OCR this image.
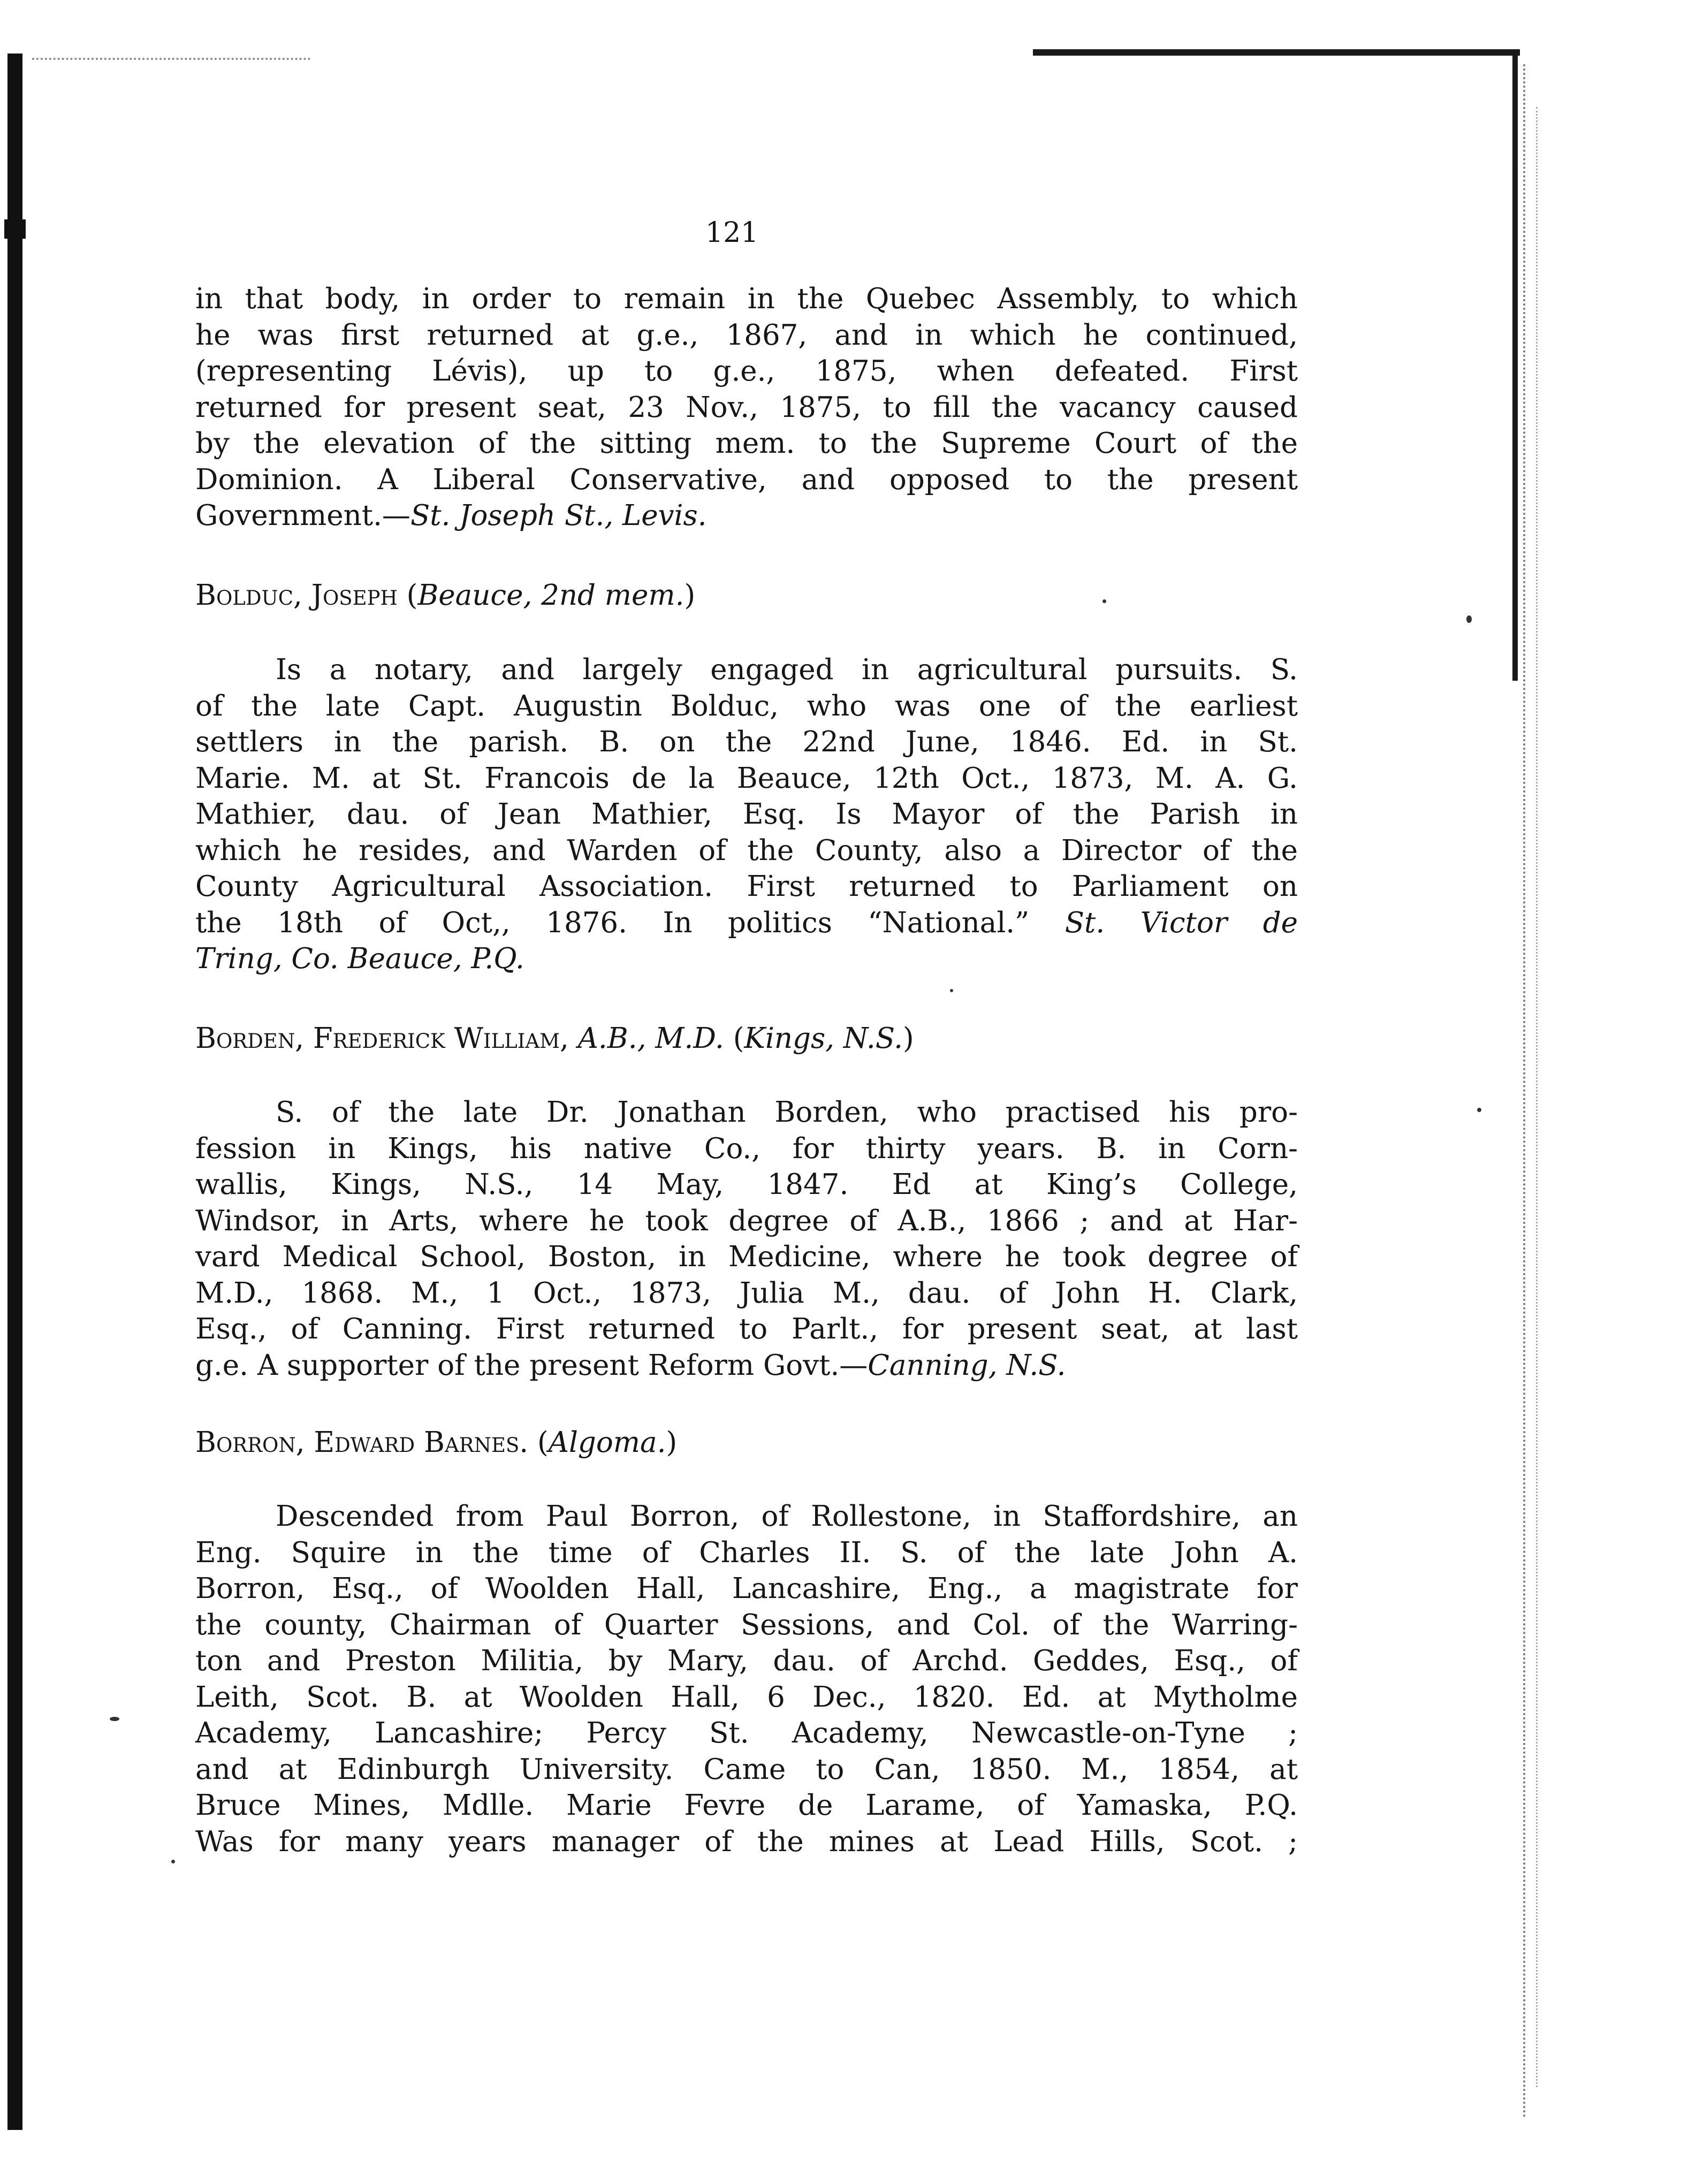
121
in that body, in order to remain in the Quebec Assembly, to which
he was first returned at g.e., 1867, and in which he continued,
(representing Lévis), up to g.e., 1875, when defeated. First
returned for present seat, 23 Nov., 1875, to fill the vacancy caused
by the elevation of the sitting mem. to the Supreme Court of the
Dominion. A Liberal Conservative, and opposed to the present
Government.—St. Joseph St., Levis.
Bolduc, Joseph (Beauce, 2nd mem.)
Is a notary, and largely engaged in agricultural pursuits. S.
of the late Capt. Augustin Bolduc, who was one of the earliest
settlers in the parish. B. on the 22nd June, 1846. Ed. in St.
Marie. M. at St. Francois de la Beauce, 12th Oct., 1873, M. A. G.
Mathier, dau. of Jean Mathier, Esq. Is Mayor of the Parish in
which he resides, and Warden of the County, also a Director of the
County Agricultural Association. First returned to Parliament on
the 18th of Oct,, 1876. In politics “National.” St. Victor de
Tring, Co. Beauce, P.Q.
Borden, Frederick William, A.B., M.D. (Kings, N.S.)
S. of the late Dr. Jonathan Borden, who practised his pro-
fession in Kings, his native Co., for thirty years. B. in Corn-
wallis, Kings, N.S., 14 May, 1847. Ed at King’s College,
Windsor, in Arts, where he took degree of A.B., 1866 ; and at Har-
vard Medical School, Boston, in Medicine, where he took degree of
M.D., 1868. M., 1 Oct., 1873, Julia M., dau. of John H. Clark,
Esq., of Canning. First returned to Parlt., for present seat, at last
g.e. A supporter of the present Reform Govt.—Canning, N.S.
Borron, Edward Barnes. (Algoma.)
Descended from Paul Borron, of Rollestone, in Staffordshire, an
Eng. Squire in the time of Charles II. S. of the late John A.
Borron, Esq., of Woolden Hall, Lancashire, Eng., a magistrate for
the county, Chairman of Quarter Sessions, and Col. of the Warring-
ton and Preston Militia, by Mary, dau. of Archd. Geddes, Esq., of
Leith, Scot. B. at Woolden Hall, 6 Dec., 1820. Ed. at Mytholme
Academy, Lancashire; Percy St. Academy, Newcastle-on-Tyne ;
and at Edinburgh University. Came to Can, 1850. M., 1854, at
Bruce Mines, Mdlle. Marie Fevre de Larame, of Yamaska, P.Q.
Was for many years manager of the mines at Lead Hills, Scot. ;
